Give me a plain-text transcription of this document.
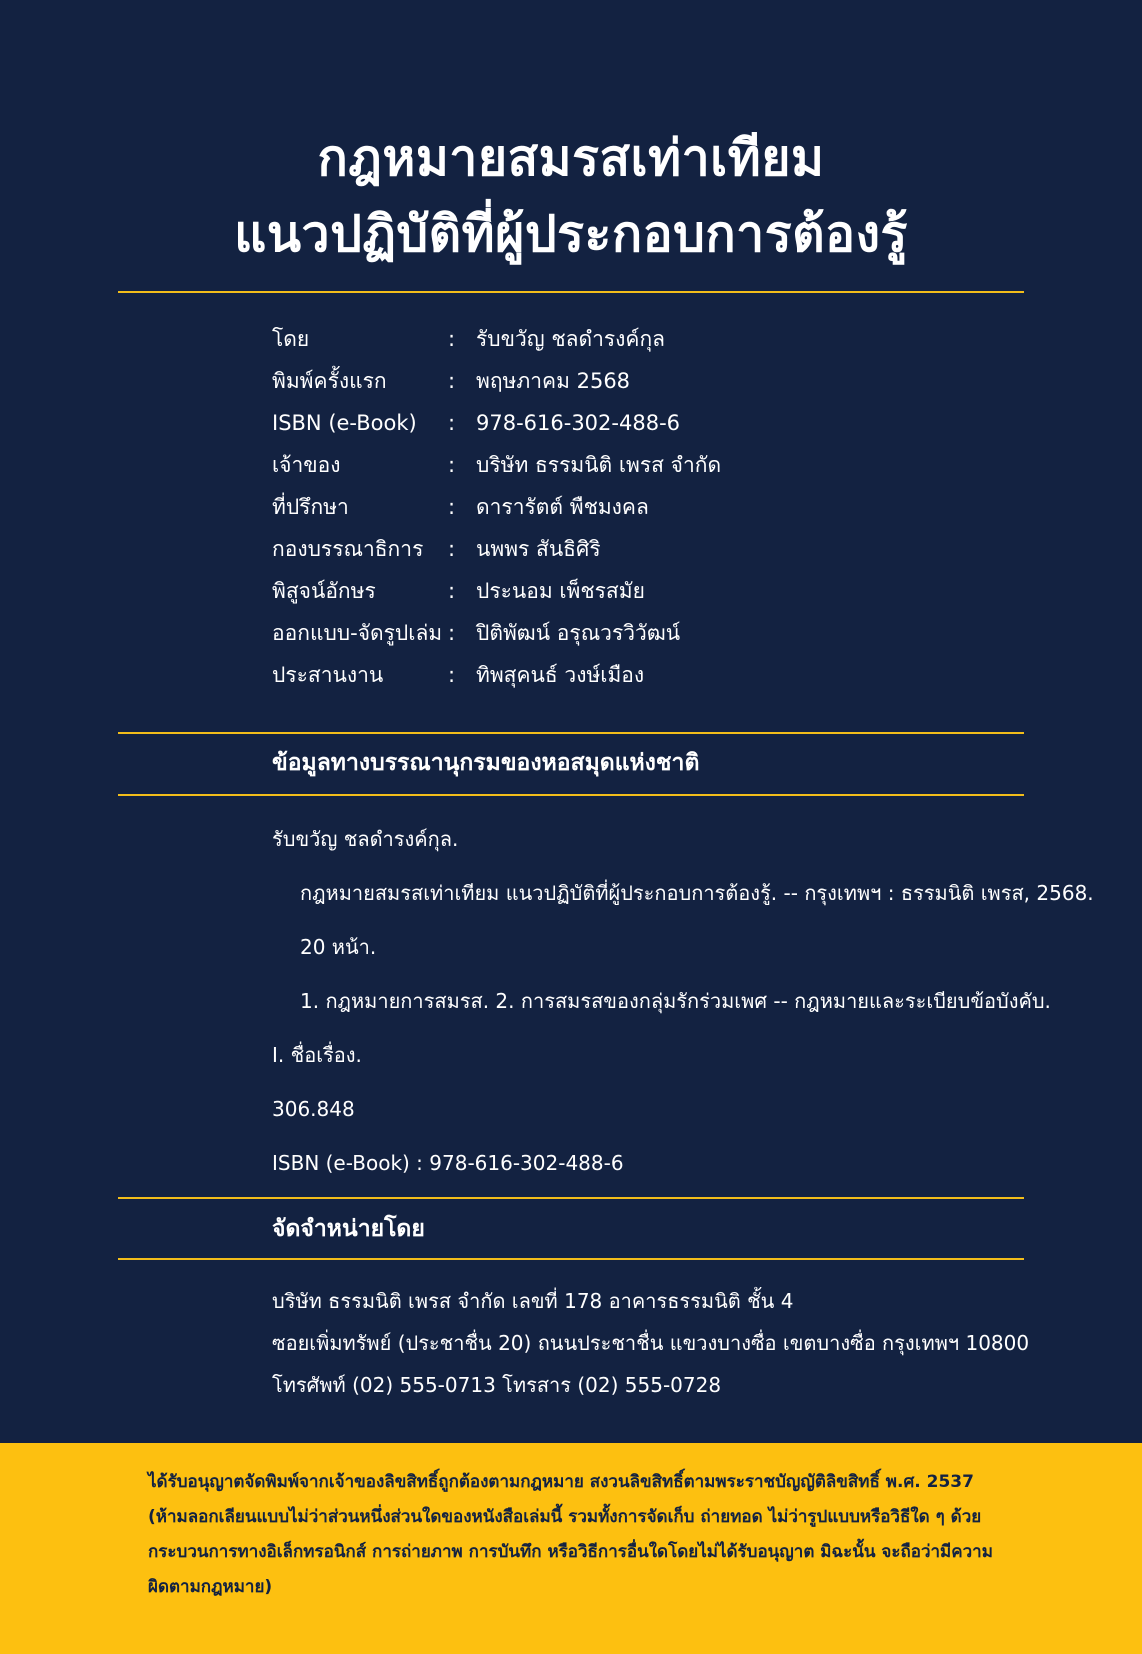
กฎหมายสมรสเท่าเทียม
แนวปฏิบัติที่ผู้ประกอบการต้องรู้
โดย	: รับขวัญ ชลดำรงค์กุล
พิมพ์ครั้งแรก	: พฤษภาคม 2568
ISBN (e-Book)	: 978-616-302-488-6
เจ้าของ	: บริษัท ธรรมนิติ เพรส จำกัด
ที่ปรึกษา	: ดารารัตต์ พืชมงคล
กองบรรณาธิการ	: นพพร สันธิศิริ
พิสูจน์อักษร	: ประนอม เพ็ชรสมัย
ออกแบบ-จัดรูปเล่ม : ปิติพัฒน์ อรุณวรวิวัฒน์
ประสานงาน	: ทิพสุคนธ์ วงษ์เมือง
ข้อมูลทางบรรณานุกรมของหอสมุดแห่งชาติ
รับขวัญ ชลดำรงค์กุล.
กฎหมายสมรสเท่าเทียม แนวปฏิบัติที่ผู้ประกอบการต้องรู้. -- กรุงเทพฯ : ธรรมนิติ เพรส, 2568.
20 หน้า.
1. กฎหมายการสมรส. 2. การสมรสของกลุ่มรักร่วมเพศ -- กฎหมายและระเบียบข้อบังคับ.
I. ชื่อเรื่อง.
306.848
ISBN (e-Book) : 978-616-302-488-6
จัดจำหน่ายโดย
บริษัท ธรรมนิติ เพรส จำกัด เลขที่ 178 อาคารธรรมนิติ ชั้น 4
ซอยเพิ่มทรัพย์ (ประชาชื่น 20) ถนนประชาชื่น แขวงบางซื่อ เขตบางซื่อ กรุงเทพฯ 10800
โทรศัพท์ (02) 555-0713 โทรสาร (02) 555-0728
ได้รับอนุญาตจัดพิมพ์จากเจ้าของลิขสิทธิ์ถูกต้องตามกฎหมาย สงวนลิขสิทธิ์ตามพระราชบัญญัติลิขสิทธิ์ พ.ศ. 2537 (ห้ามลอกเลียนแบบไม่ว่าส่วนหนึ่งส่วนใดของหนังสือเล่มนี้ รวมทั้งการจัดเก็บ ถ่ายทอด ไม่ว่ารูปแบบหรือวิธีใด ๆ ด้วยกระบวนการทางอิเล็กทรอนิกส์ การถ่ายภาพ การบันทึก หรือวิธีการอื่นใดโดยไม่ได้รับอนุญาต มิฉะนั้น จะถือว่ามีความผิดตามกฎหมาย)
